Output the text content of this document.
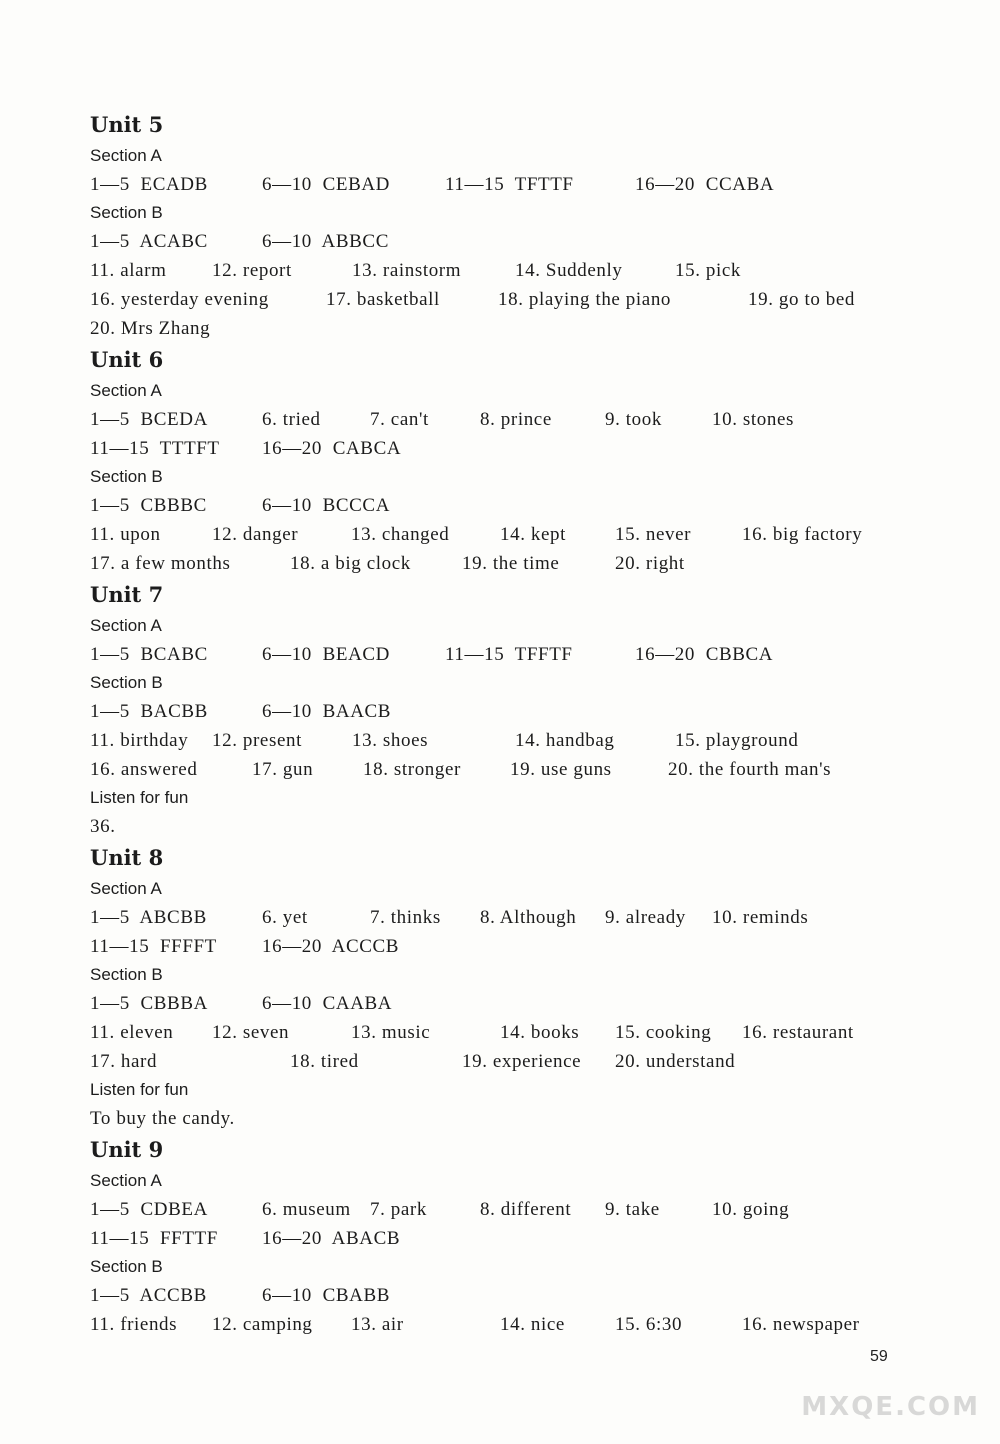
Unit 5
Section A
1—5  ECADB	6—10  CEBAD	11—15  TFTTF	16—20  CCABA
Section B
1—5  ACABC	6—10  ABBCC
11. alarm 12. report	13. rainstorm	14. Suddenly	15. pick
16. yesterday evening	17. basketball	18. playing the piano	19. go to bed
20. Mrs Zhang
Unit 6
Section A
1—5  BCEDA	6. tried	7. can't	8. prince	9. took	10. stones
11—15  TTTFT 16—20  CABCA
Section B
1—5  CBBBC	6—10  BCCCA
11. upon	12. danger	13. changed	14. kept	15. never	16. big factory
17. a few months	18. a big clock	19. the time	20. right
Unit 7
Section A
1—5  BCABC	6—10  BEACD	11—15  TFFTF	16—20  CBBCA
Section B
1—5  BACBB	6—10  BAACB
11. birthday 12. present	13. shoes	14. handbag	15. playground
16. answered	17. gun	18. stronger	19. use guns	20. the fourth man's
Listen for fun
36.
Unit 8
Section A
1—5  ABCBB	6. yet	7. thinks 8. Although 9. already 10. reminds
11—15  FFFFT 16—20  ACCCB
Section B
1—5  CBBBA	6—10  CAABA
11. eleven 12. seven	13. music	14. books 15. cooking 16. restaurant
17. hard	18. tired	19. experience 20. understand
Listen for fun
To buy the candy.
Unit 9
Section A
1—5  CDBEA	6. museum 7. park	8. different 9. take	10. going
11—15  FFTTF 16—20  ABACB
Section B
1—5  ACCBB	6—10  CBABB
11. friends 12. camping 13. air	14. nice	15. 6:30	16. newspaper
59
MXQE.COM
